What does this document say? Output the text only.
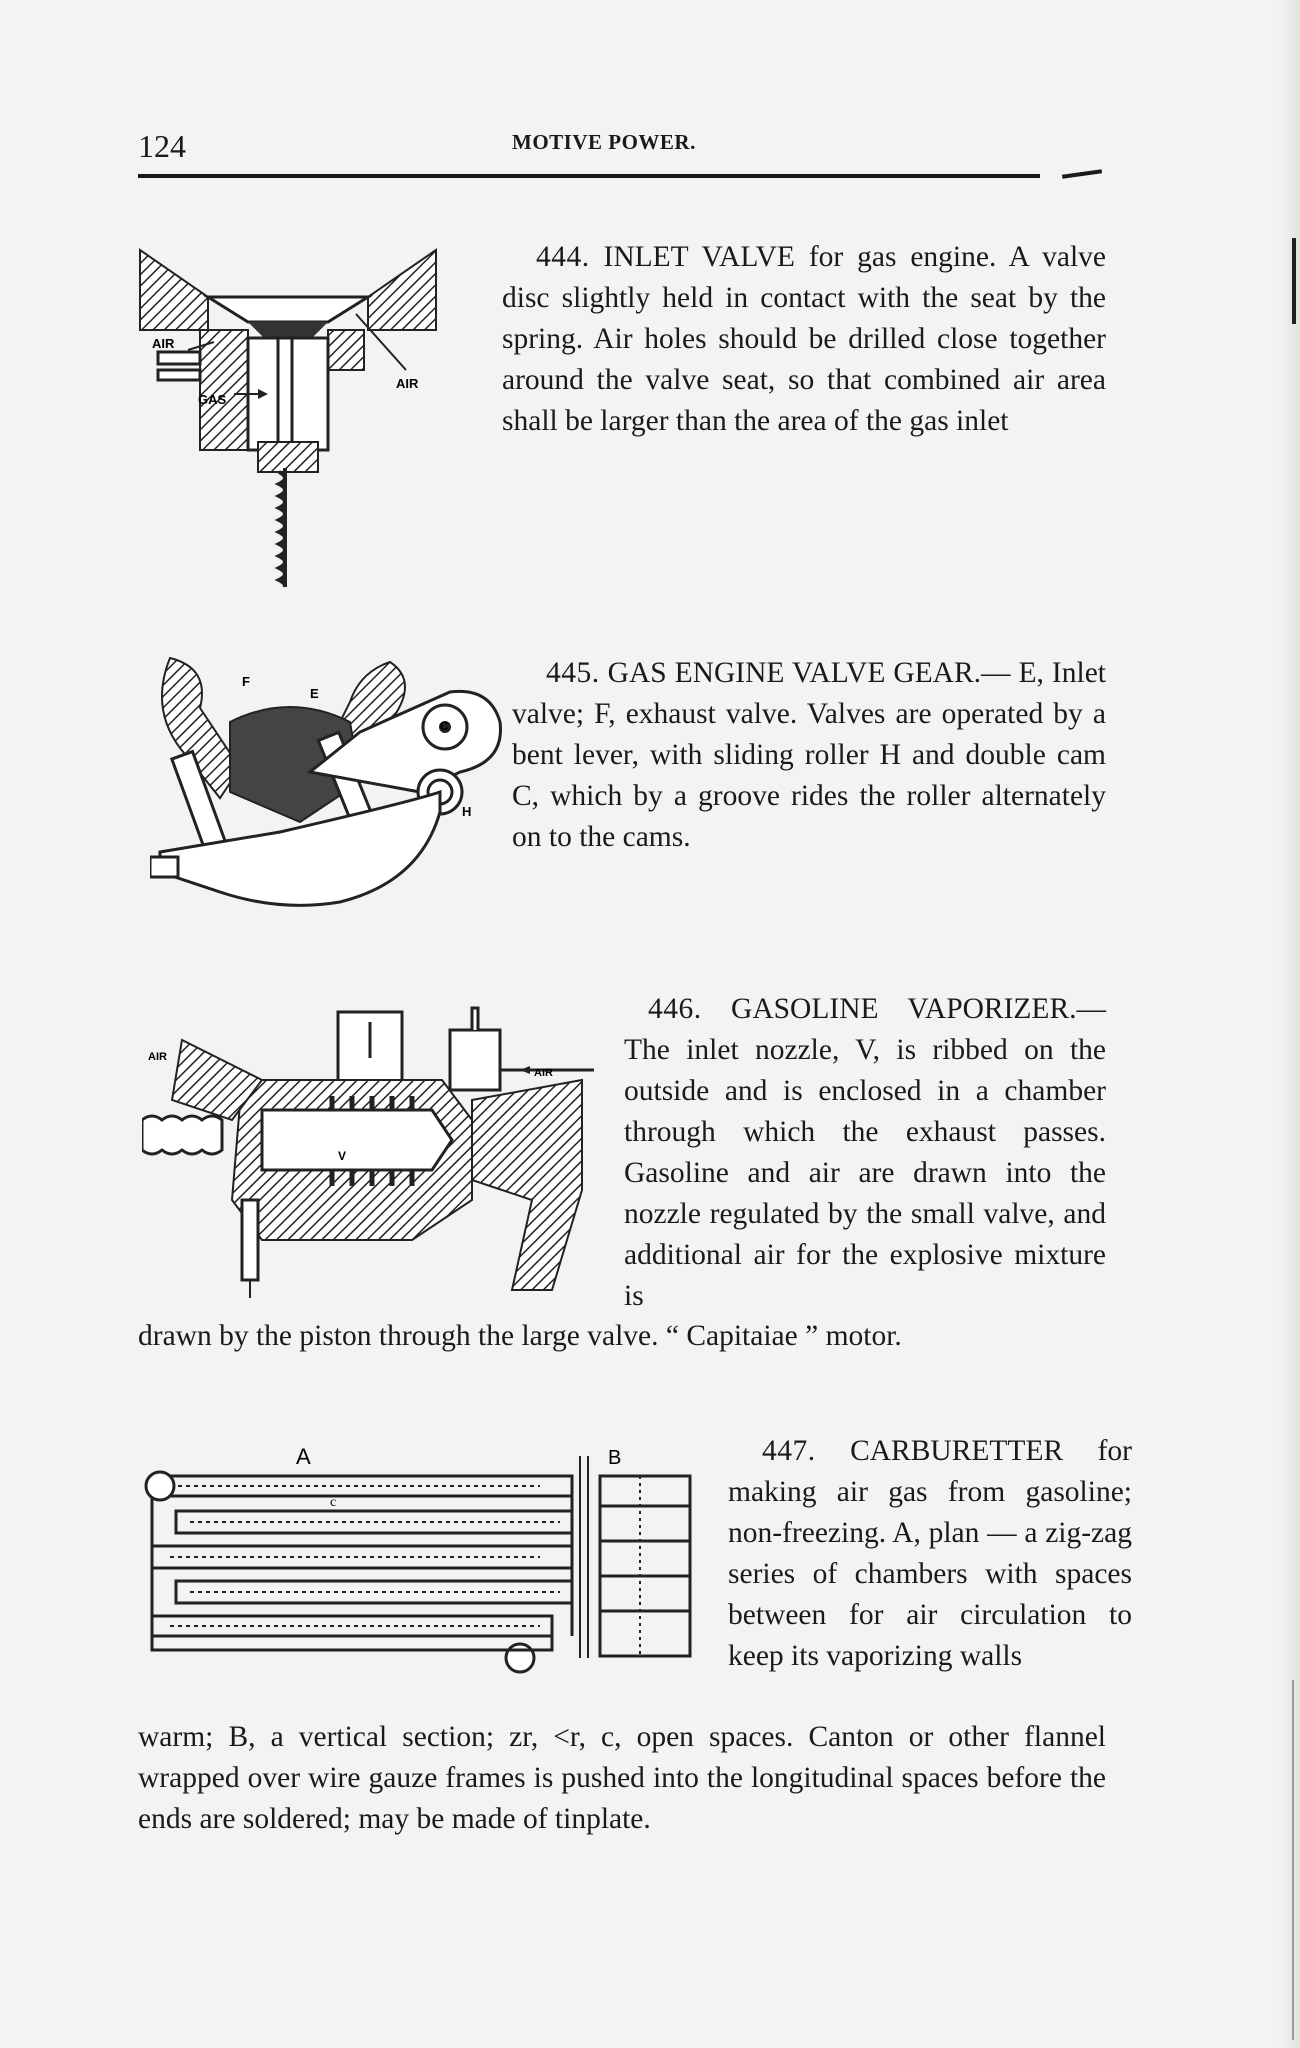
124	MOTIVE POWER.
AIR
AIR
GAS

444. INLET VALVE for gas engine. A valve disc slightly held in contact with the seat by the spring. Air holes should be drilled close together around the valve seat, so that combined air area shall be larger than the area of the gas inlet

F
E
C
H

445. GAS ENGINE VALVE GEAR.— E, Inlet valve; F, exhaust valve. Valves are operated by a bent lever, with sliding roller H and double cam C, which by a groove rides the roller alternately on to the cams.

AIR
AIR
V

446. GASOLINE VAPORIZER.— The inlet nozzle, V, is ribbed on the outside and is enclosed in a chamber through which the exhaust passes. Gasoline and air are drawn into the nozzle regulated by the small valve, and additional air for the explosive mixture is

drawn by the piston through the large valve. “ Capitaiae ” motor.

A	B
c

447. CARBURETTER for making air gas from gasoline; non-freezing. A, plan — a zig-zag series of chambers with spaces between for air circulation to keep its vaporizing walls

warm; B, a vertical section; zr, <r, c, open spaces. Canton or other flannel wrapped over wire gauze frames is pushed into the longitudinal spaces before the ends are soldered; may be made of tinplate.
